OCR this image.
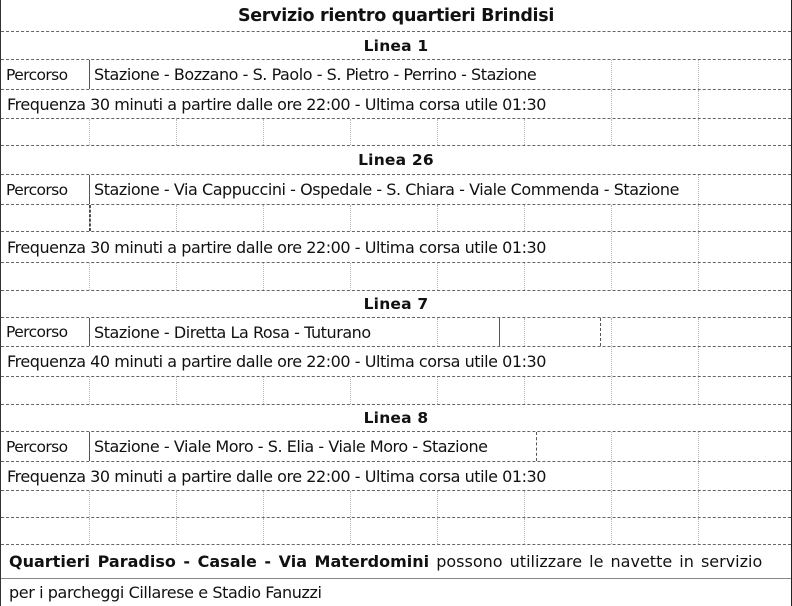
Servizio rientro quartieri Brindisi
Linea 1
Percorso	Stazione - Bozzano - S. Paolo - S. Pietro - Perrino - Stazione
Frequenza 30 minuti a partire dalle ore 22:00 - Ultima corsa utile 01:30
Linea 26
Percorso	Stazione - Via Cappuccini - Ospedale - S. Chiara - Viale Commenda - Stazione
Frequenza 30 minuti a partire dalle ore 22:00 - Ultima corsa utile 01:30
Linea 7
Percorso	Stazione - Diretta La Rosa - Tuturano
Frequenza 40 minuti a partire dalle ore 22:00 - Ultima corsa utile 01:30
Linea 8
Percorso	Stazione - Viale Moro - S. Elia - Viale Moro - Stazione
Frequenza 30 minuti a partire dalle ore 22:00 - Ultima corsa utile 01:30
Quartieri Paradiso - Casale - Via Materdomini possono utilizzare le navette in servizio
per i parcheggi Cillarese e Stadio Fanuzzi
